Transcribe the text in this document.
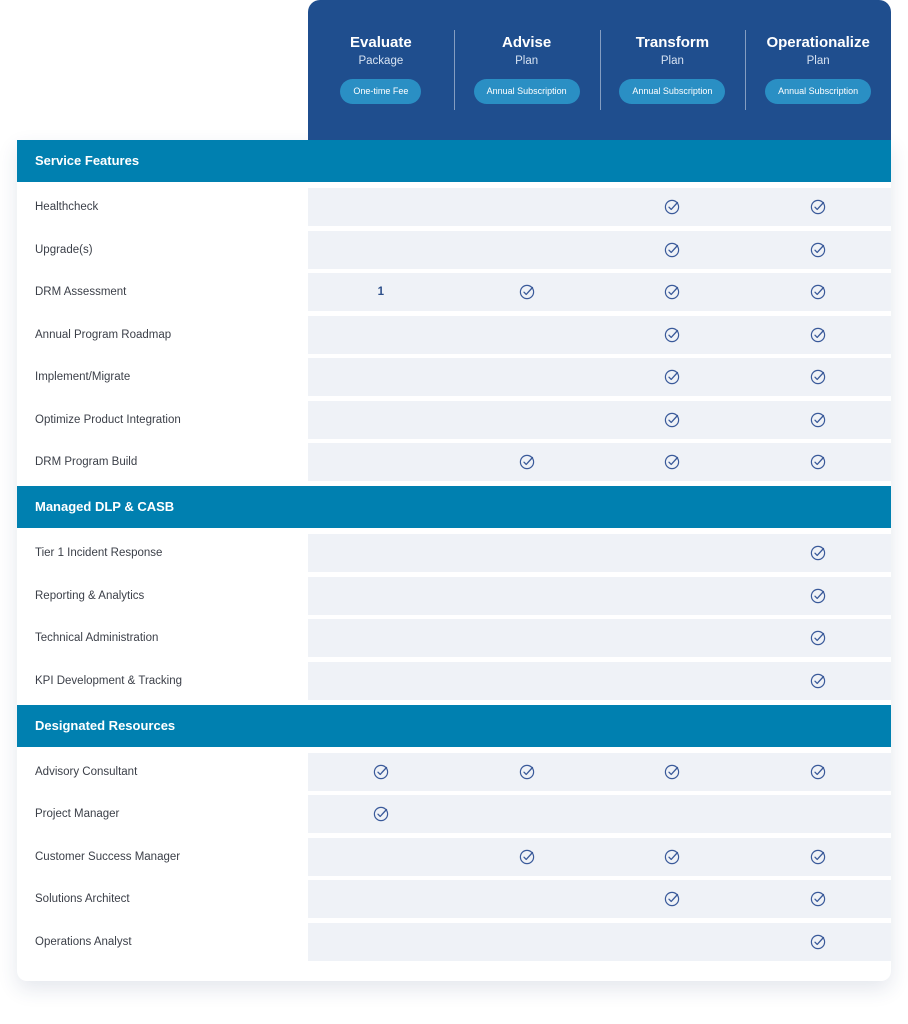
Evaluate
Package
One-time Fee
Advise
Plan
Annual Subscription
Transform
Plan
Annual Subscription
Operationalize
Plan
Annual Subscription
Service Features
Healthcheck
Upgrade(s)
DRM Assessment	1
Annual Program Roadmap
Implement/Migrate
Optimize Product Integration
DRM Program Build
Managed DLP & CASB
Tier 1 Incident Response
Reporting & Analytics
Technical Administration
KPI Development & Tracking
Designated Resources
Advisory Consultant
Project Manager
Customer Success Manager
Solutions Architect
Operations Analyst
